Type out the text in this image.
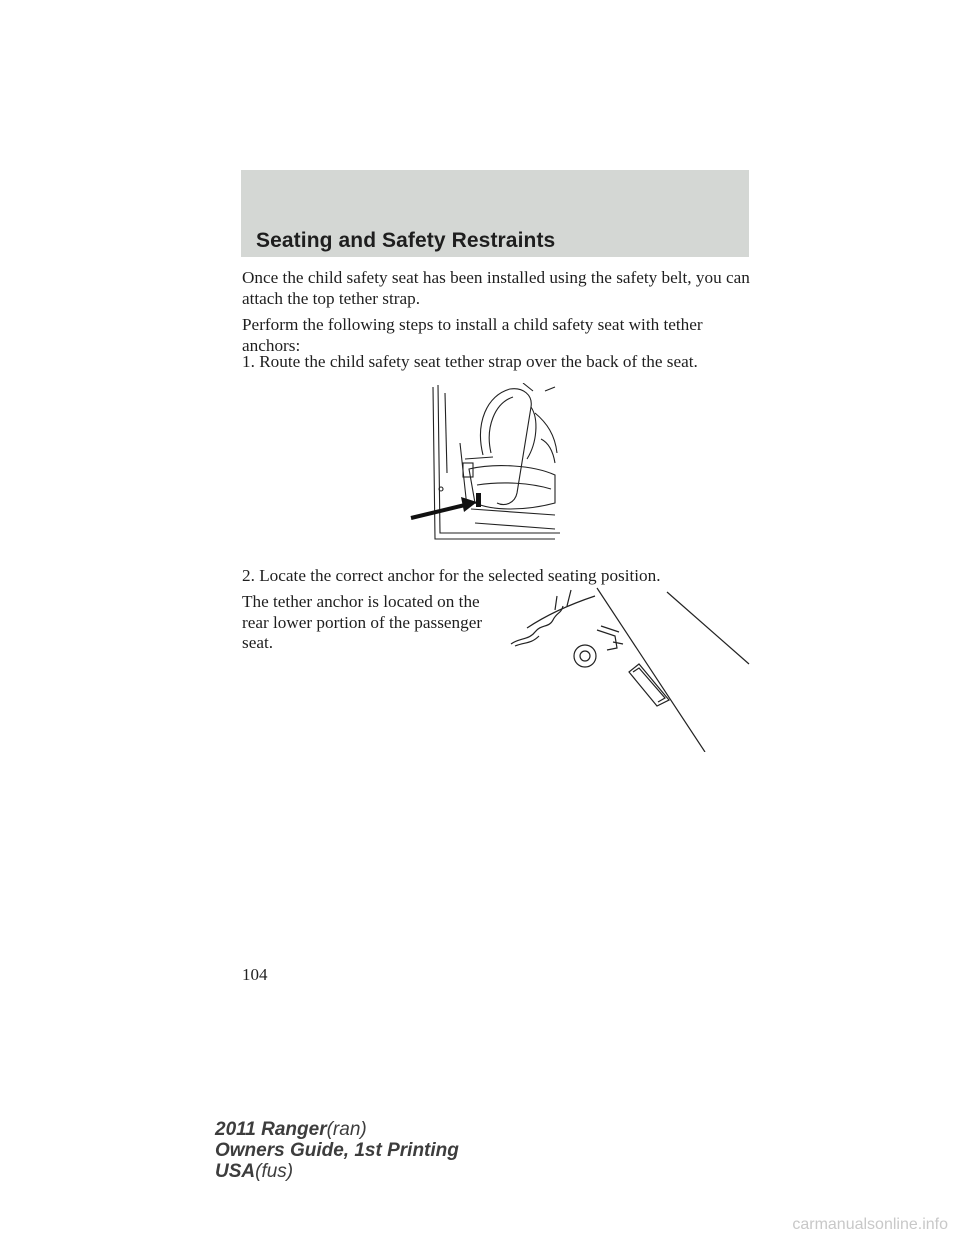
Seating and Safety Restraints

Once the child safety seat has been installed using the safety belt, you can attach the top tether strap.

Perform the following steps to install a child safety seat with tether anchors:

1. Route the child safety seat tether strap over the back of the seat.

2. Locate the correct anchor for the selected seating position.

The tether anchor is located on the rear lower portion of the passenger seat.

104
2011 Ranger(ran)
Owners Guide, 1st Printing
USA(fus)
carmanualsonline.info
